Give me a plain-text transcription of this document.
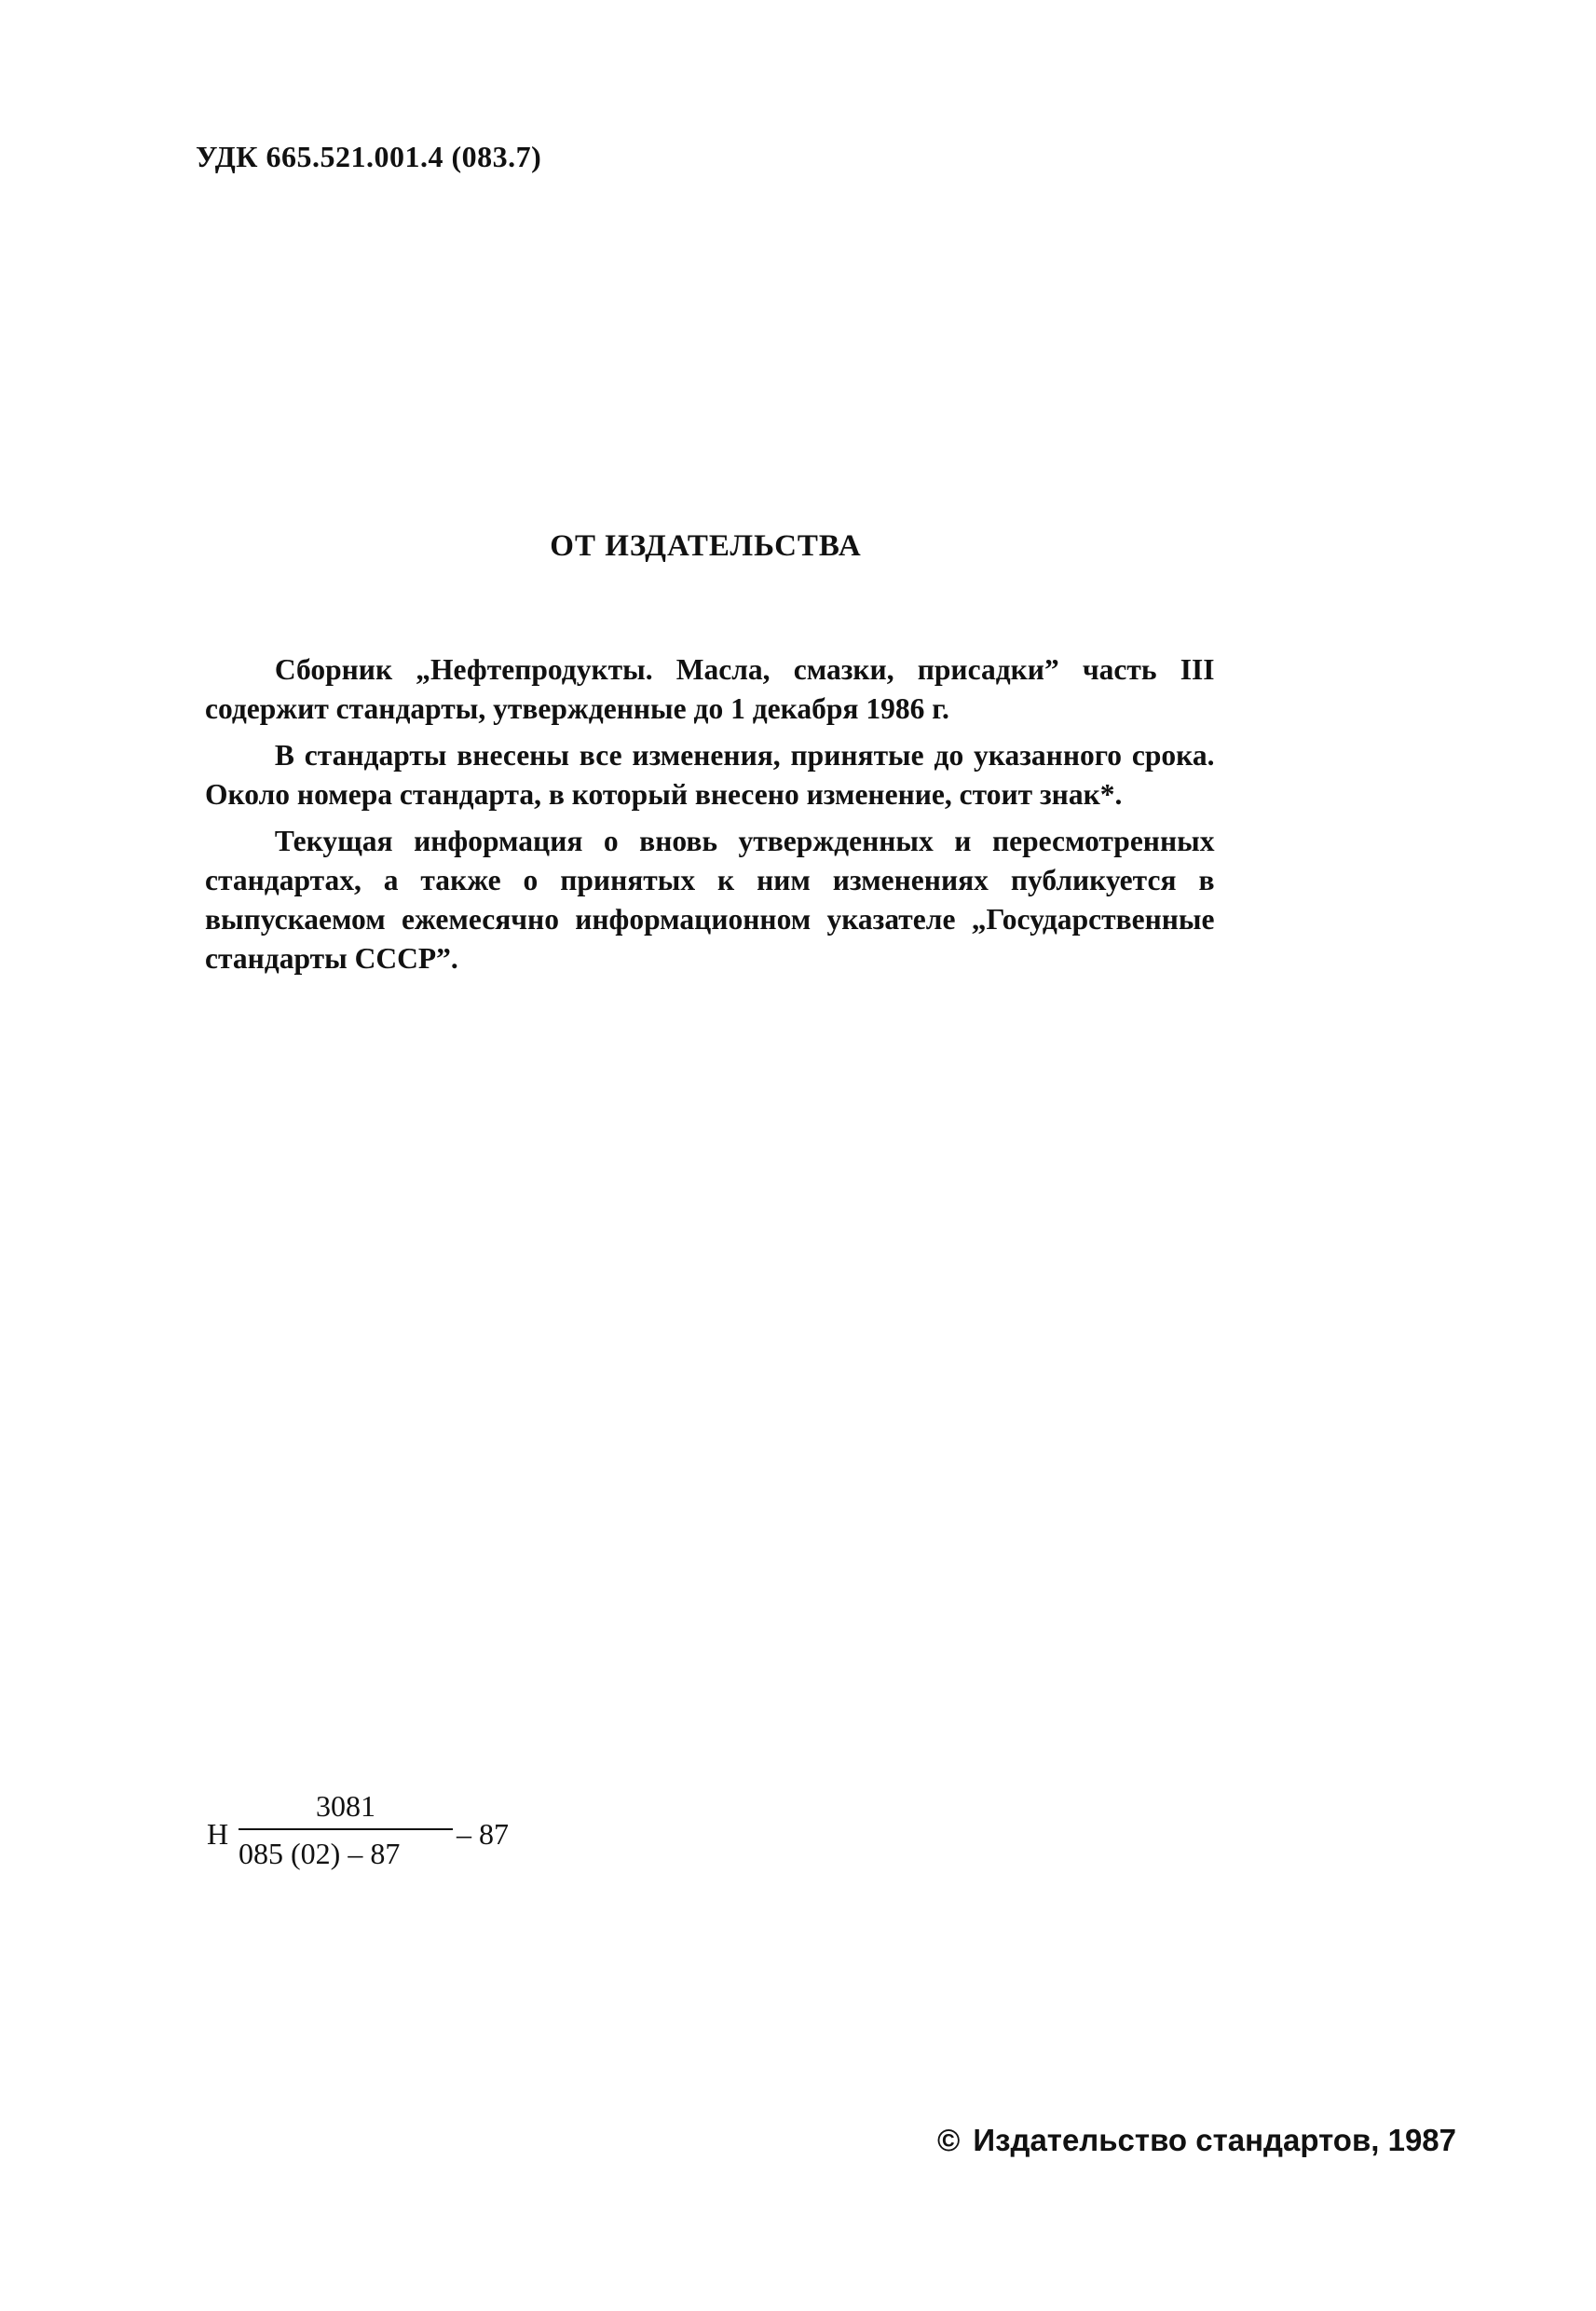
УДК 665.521.001.4 (083.7)
ОТ ИЗДАТЕЛЬСТВА

Сборник „Нефтепродукты. Масла, смазки, присадки” часть III содержит стандарты, утвержденные до 1 декабря 1986 г.

В стандарты внесены все изменения, принятые до указанного срока. Около номера стандарта, в который внесено изменение, стоит знак*.

Текущая информация о вновь утвержденных и пересмотренных стандартах, а также о принятых к ним изменениях публикуется в выпускаемом ежемесячно информационном указателе „Государственные стандарты СССР”.

Н
3081
085 (02) – 87
– 87
© Издательство стандартов, 1987
